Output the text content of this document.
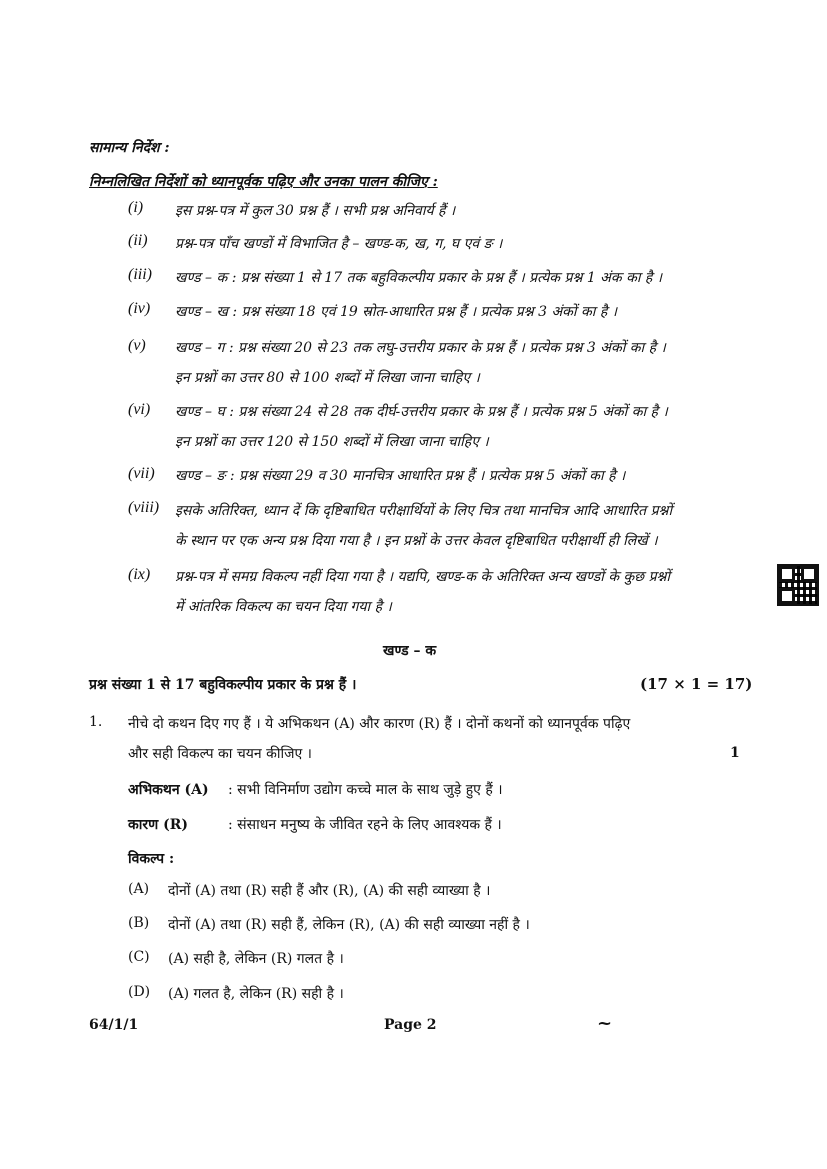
सामान्य निर्देश :
निम्नलिखित निर्देशों को ध्यानपूर्वक पढ़िए और उनका पालन कीजिए :
(i) इस प्रश्न-पत्र में कुल 30 प्रश्न हैं । सभी प्रश्न अनिवार्य हैं ।
(ii) प्रश्न-पत्र पाँच खण्डों में विभाजित है – खण्ड-क, ख, ग, घ एवं ङ ।
(iii) खण्ड – क : प्रश्न संख्या 1 से 17 तक बहुविकल्पीय प्रकार के प्रश्न हैं । प्रत्येक प्रश्न 1 अंक का है ।
(iv) खण्ड – ख : प्रश्न संख्या 18 एवं 19 स्रोत-आधारित प्रश्न हैं । प्रत्येक प्रश्न 3 अंकों का है ।
(v) खण्ड – ग : प्रश्न संख्या 20 से 23 तक लघु-उत्तरीय प्रकार के प्रश्न हैं । प्रत्येक प्रश्न 3 अंकों का है ।
इन प्रश्नों का उत्तर 80 से 100 शब्दों में लिखा जाना चाहिए ।
(vi) खण्ड – घ : प्रश्न संख्या 24 से 28 तक दीर्घ-उत्तरीय प्रकार के प्रश्न हैं । प्रत्येक प्रश्न 5 अंकों का है ।
इन प्रश्नों का उत्तर 120 से 150 शब्दों में लिखा जाना चाहिए ।
(vii) खण्ड – ङ : प्रश्न संख्या 29 व 30 मानचित्र आधारित प्रश्न हैं । प्रत्येक प्रश्न 5 अंकों का है ।
(viii) इसके अतिरिक्त, ध्यान दें कि दृष्टिबाधित परीक्षार्थियों के लिए चित्र तथा मानचित्र आदि आधारित प्रश्नों
के स्थान पर एक अन्य प्रश्न दिया गया है । इन प्रश्नों के उत्तर केवल दृष्टिबाधित परीक्षार्थी ही लिखें ।
(ix) प्रश्न-पत्र में समग्र विकल्प नहीं दिया गया है । यद्यपि, खण्ड-क के अतिरिक्त अन्य खण्डों के कुछ प्रश्नों
में आंतरिक विकल्प का चयन दिया गया है ।
खण्ड – क
प्रश्न संख्या 1 से 17 बहुविकल्पीय प्रकार के प्रश्न हैं ।	(17 × 1 = 17)
1. नीचे दो कथन दिए गए हैं । ये अभिकथन (A) और कारण (R) हैं । दोनों कथनों को ध्यानपूर्वक पढ़िए
और सही विकल्प का चयन कीजिए ।	1
अभिकथन (A) : सभी विनिर्माण उद्योग कच्चे माल के साथ जुड़े हुए हैं ।
कारण (R)	: संसाधन मनुष्य के जीवित रहने के लिए आवश्यक हैं ।
विकल्प :
(A) दोनों (A) तथा (R) सही हैं और (R), (A) की सही व्याख्या है ।
(B) दोनों (A) तथा (R) सही हैं, लेकिन (R), (A) की सही व्याख्या नहीं है ।
(C) (A) सही है, लेकिन (R) गलत है ।
(D) (A) गलत है, लेकिन (R) सही है ।
64/1/1	Page 2	~
